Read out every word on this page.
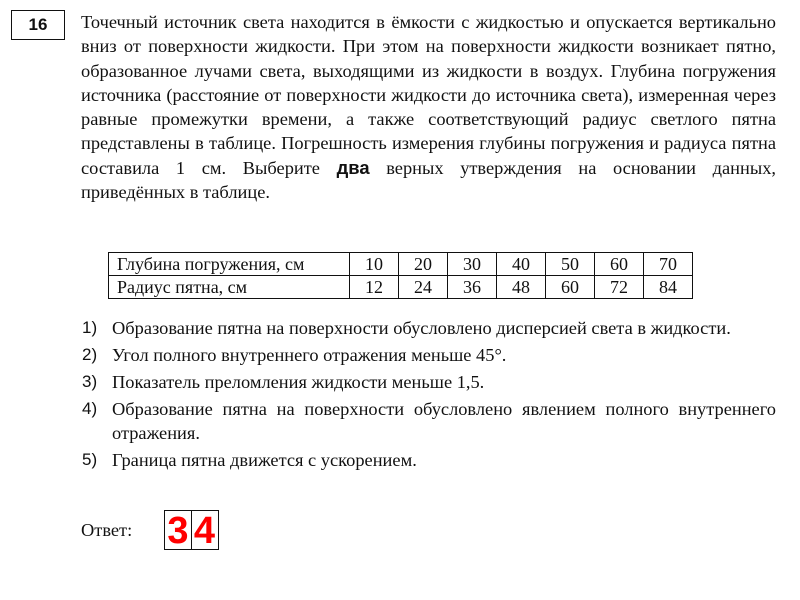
16	Точечный источник света находится в ёмкости с жидкостью и опускается вертикально вниз от поверхности жидкости. При этом на поверхности жидкости возникает пятно, образованное лучами света, выходящими из жидкости в воздух. Глубина погружения источника (расстояние от поверхности жидкости до источника света), измеренная через равные промежутки времени, а также соответствующий радиус светлого пятна представлены в таблице. Погрешность измерения глубины погружения и радиуса пятна составила 1 см. Выберите два верных утверждения на основании данных, приведённых в таблице.

Глубина погружения, см	10	20	30	40	50	60	70
Радиус пятна, см	12	24	36	48	60	72	84
1) Образование пятна на поверхности обусловлено дисперсией света в жидкости.
2) Угол полного внутреннего отражения меньше 45°.
3) Показатель преломления жидкости меньше 1,5.
4) Образование пятна на поверхности обусловлено явлением полного внутреннего отражения.
5) Граница пятна движется с ускорением.
Ответ: 3 4
